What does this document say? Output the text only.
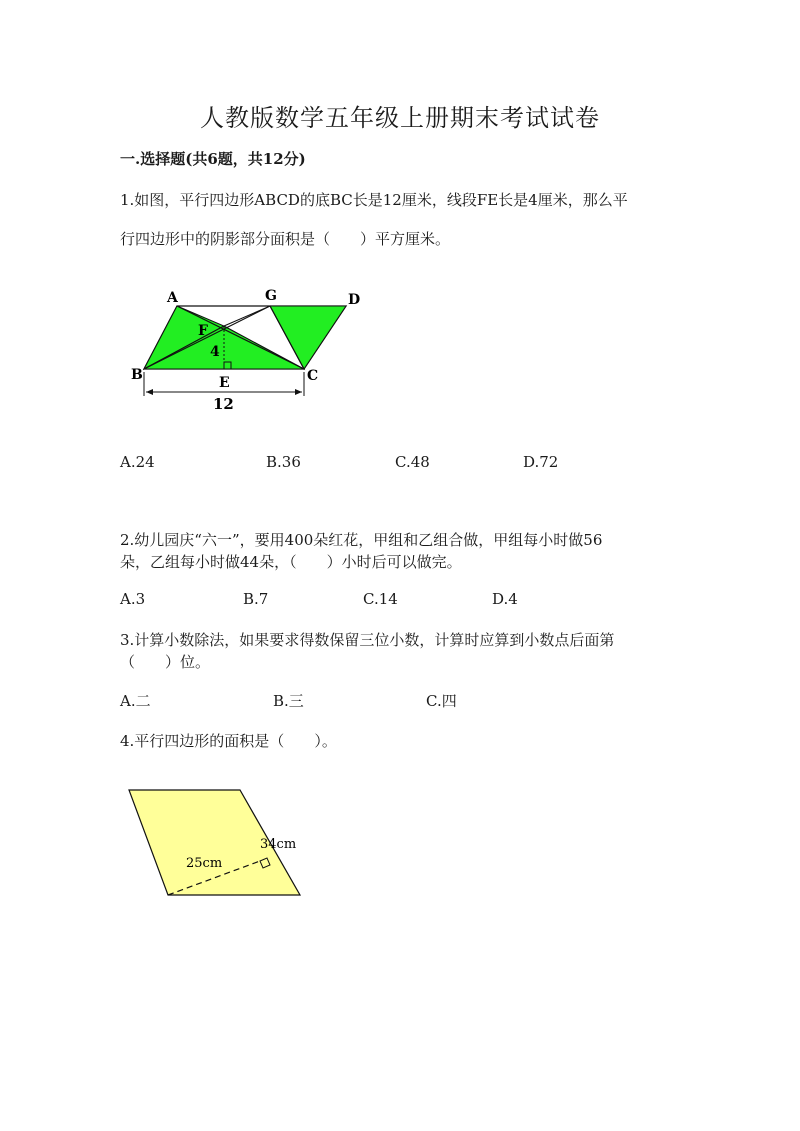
人教版数学五年级上册期末考试试卷
一.选择题(共6题，共12分)
1.如图，平行四边形ABCD的底BC长是12厘米，线段FE长是4厘米，那么平
行四边形中的阴影部分面积是（　　）平方厘米。
A	G	D
F
4
B	E	C
12
A.24	B.36	C.48	D.72
2.幼儿园庆“六一”，要用400朵红花，甲组和乙组合做，甲组每小时做56
朵，乙组每小时做44朵，（　　）小时后可以做完。
A.3	B.7	C.14	D.4
3.计算小数除法，如果要求得数保留三位小数，计算时应算到小数点后面第
（　　）位。
A.二	B.三	C.四
4.平行四边形的面积是（　　）。
34cm
25cm
